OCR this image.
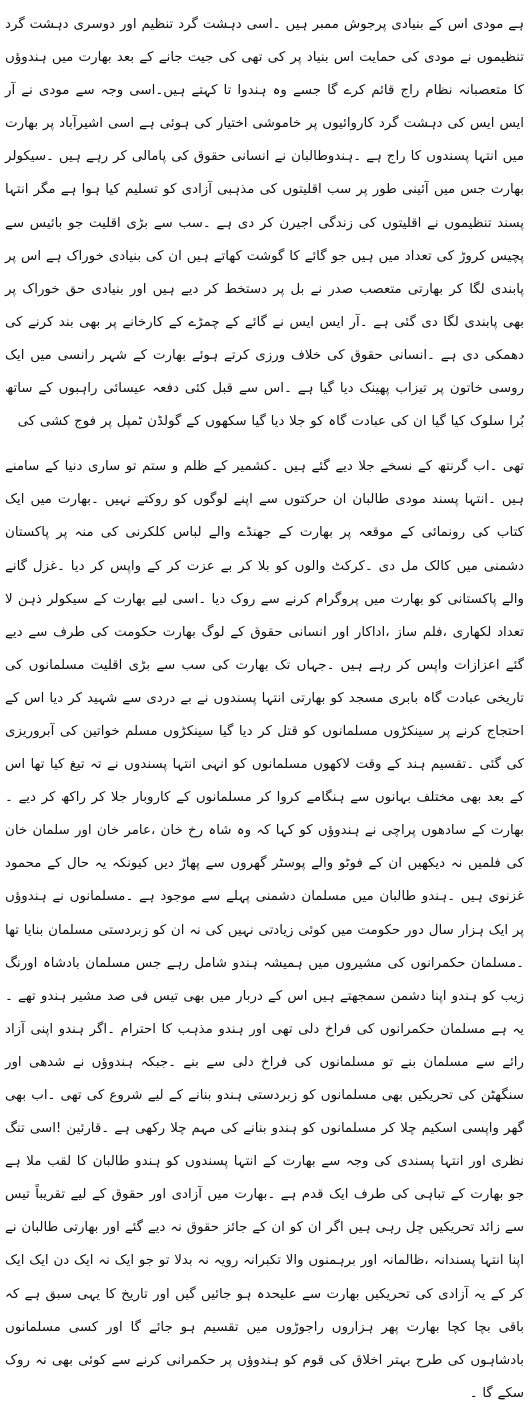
ہے مودی اس کے بنیادی پرجوش ممبر ہیں ۔اسی دہشت گرد تنظیم اور دوسری دہشت گرد تنظیموں نے مودی کی حمایت اس بنیاد پر کی تھی کی جیت جانے کے بعد بھارت میں ہندوؤں کا متعصبانہ نظام راج قائم کرے گا جسے وہ ہندوا تا کہتے ہیں۔اسی وجہ سے مودی نے آر ایس ایس کی دہشت گرد کاروائیوں پر خاموشی اختیار کی ہوئی ہے اسی اشیرآباد پر بھارت میں انتہا پسندوں کا راج ہے ۔ہندوطالبان نے انسانی حقوق کی پامالی کر رہے ہیں ۔سیکولر بھارت جس میں آئینی طور پر سب اقلیتوں کی مذہبی آزادی کو تسلیم کیا ہوا ہے مگر انتہا پسند تنظیموں نے اقلیتوں کی زندگی اجیرن کر دی ہے ۔سب سے بڑی اقلیت جو بائیس سے پچیس کروڑ کی تعداد میں ہیں جو گائے کا گوشت کھاتے ہیں ان کی بنیادی خوراک ہے اس پر پابندی لگا کر بھارتی متعصب صدر نے بل پر دستخط کر دیے ہیں اور بنیادی حق خوراک پر بھی پابندی لگا دی گئی ہے ۔آر ایس ایس نے گائے کے چمڑے کے کارخانے پر بھی بند کرنے کی دھمکی دی ہے ۔انسانی حقوق کی خلاف ورزی کرتے ہوئے بھارت کے شہر رانسی میں ایک روسی خاتون پر تیزاب پھینک دیا گیا ہے ۔اس سے قبل کئی دفعہ عیسائی راہبوں کے ساتھ بُرا سلوک کیا گیا ان کی عبادت گاہ کو جلا دیا گیا سکھوں کے گولڈن ٹمپل پر فوج کشی کی

تھی ۔اب گرنتھ کے نسخے جلا دیے گئے ہیں ۔کشمیر کے ظلم و ستم تو ساری دنیا کے سامنے ہیں ۔انتہا پسند مودی طالبان ان حرکتوں سے اپنے لوگوں کو روکتے نہیں ۔بھارت میں ایک کتاب کی رونمائی کے موقعہ پر بھارت کے جھنڈے والے لباس کلکرنی کی منہ پر پاکستان دشمنی میں کالک مل دی ۔کرکٹ والوں کو بلا کر بے عزت کر کے واپس کر دیا ۔غزل گانے والے پاکستانی کو بھارت میں پروگرام کرنے سے روک دیا ۔اسی لیے بھارت کے سیکولر ذہن لا تعداد لکھاری ،فلم ساز ،اداکار اور انسانی حقوق کے لوگ بھارت حکومت کی طرف سے دیے گئے اعزازات واپس کر رہے ہیں ۔جہاں تک بھارت کی سب سے بڑی اقلیت مسلمانوں کی تاریخی عبادت گاہ بابری مسجد کو بھارتی انتہا پسندوں نے بے دردی سے شہید کر دیا اس کے احتجاج کرنے پر سینکڑوں مسلمانوں کو قتل کر دیا گیا سینکڑوں مسلم خواتین کی آبروریزی کی گئی ۔تقسیم ہند کے وقت لاکھوں مسلمانوں کو انہی انتہا پسندوں نے تہ تیغ کیا تھا اس کے بعد بھی مختلف بہانوں سے ہنگامے کروا کر مسلمانوں کے کاروبار جلا کر راکھ کر دیے ۔بھارت کے سادھوں پراچی نے ہندوؤں کو کہا کہ وہ شاہ رخ خان ،عامر خان اور سلمان خان کی فلمیں نہ دیکھیں ان کے فوٹو والے پوسٹر گھروں سے پھاڑ دیں کیونکہ یہ حال کے محمود غزنوی ہیں ۔ہندو طالبان میں مسلمان دشمنی پہلے سے موجود ہے ۔مسلمانوں نے ہندوؤں پر ایک ہزار سال دور حکومت میں کوئی زیادتی نہیں کی نہ ان کو زبردستی مسلمان بنایا تھا ۔مسلمان حکمرانوں کی مشیروں میں ہمیشہ ہندو شامل رہے جس مسلمان بادشاہ اورنگ زیب کو ہندو اپنا دشمن سمجھتے ہیں اس کے دربار میں بھی تیس فی صد مشیر ہندو تھے ۔یہ ہے مسلمان حکمرانوں کی فراخ دلی تھی اور ہندو مذہب کا احترام ۔اگر ہندو اپنی آزاد رائے سے مسلمان بنے تو مسلمانوں کی فراخ دلی سے بنے ۔جبکہ ہندوؤں نے شدھی اور سنگھٹن کی تحریکیں بھی مسلمانوں کو زبردستی ہندو بنانے کے لیے شروع کی تھی ۔اب بھی گھر واپسی اسکیم چلا کر مسلمانوں کو ہندو بنانے کی مہم چلا رکھی ہے ۔قارئین !اسی تنگ نظری اور انتہا پسندی کی وجہ سے بھارت کے انتہا پسندوں کو ہندو طالبان کا لقب ملا ہے جو بھارت کے تباہی کی طرف ایک قدم ہے ۔بھارت میں آزادی اور حقوق کے لیے تقریباً تیس سے زائد تحریکیں چل رہی ہیں اگر ان کو ان کے جائز حقوق نہ دیے گئے اور بھارتی طالبان نے اپنا انتہا پسندانہ ،ظالمانہ اور برہمنوں والا تکبرانہ رویہ نہ بدلا تو جو ایک نہ ایک دن ایک ایک کر کے یہ آزادی کی تحریکیں بھارت سے علیحدہ ہو جائیں گیں اور تاریخ کا یہی سبق ہے کہ باقی بچا کچا بھارت پھر ہزاروں راجوڑوں میں تقسیم ہو جائے گا اور کسی مسلمانوں بادشاہوں کی طرح بہتر اخلاق کی قوم کو ہندوؤں پر حکمرانی کرنے سے کوئی بھی نہ روک سکے گا ۔
